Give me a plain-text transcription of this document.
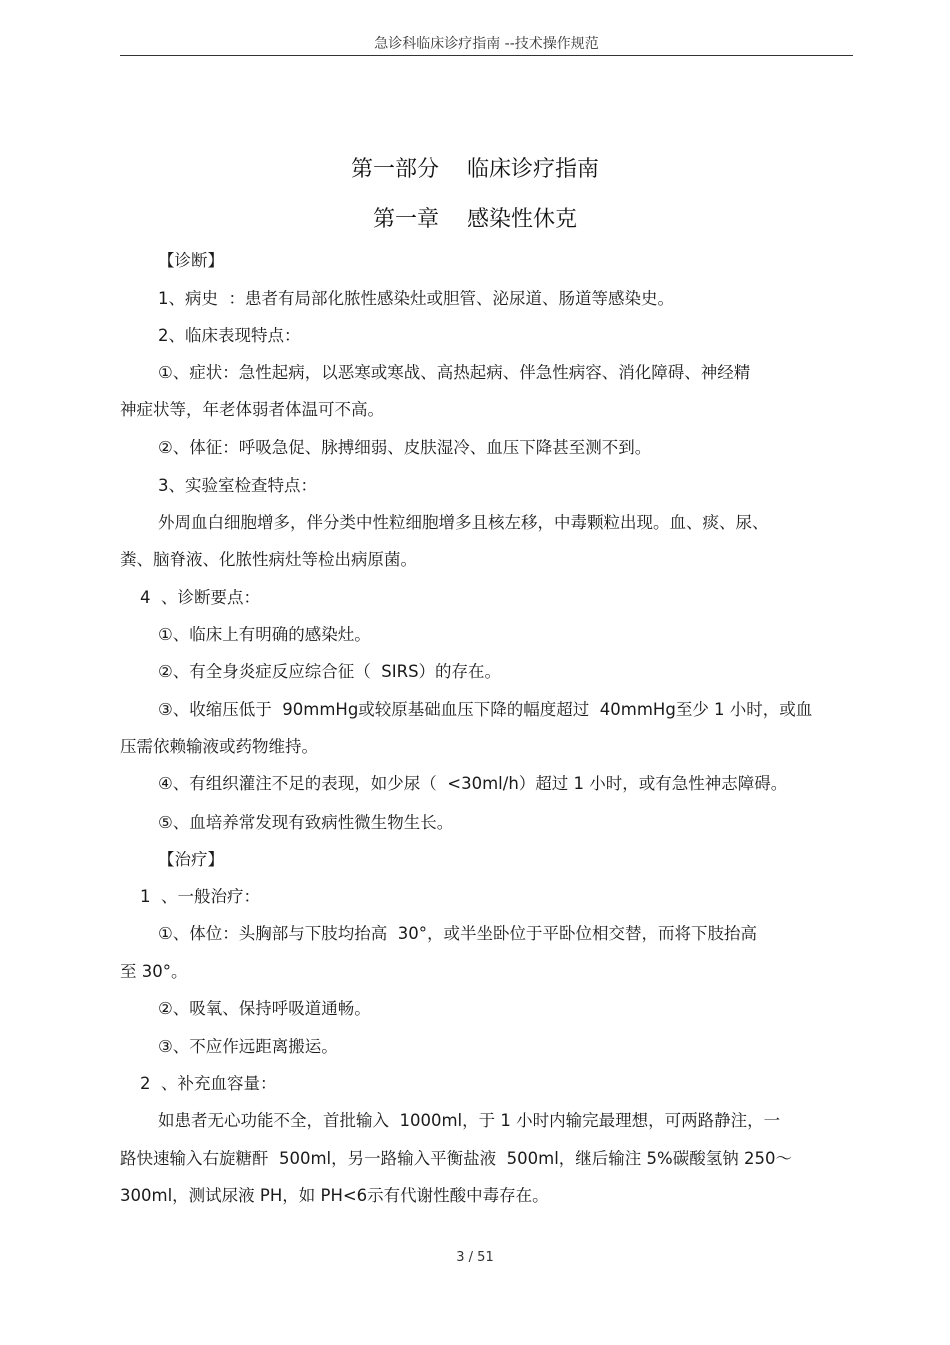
急诊科临床诊疗指南 --技术操作规范
第一部分    临床诊疗指南
第一章    感染性休克
【诊断】
1、病史  ：患者有局部化脓性感染灶或胆管、泌尿道、肠道等感染史。
2、临床表现特点：
①、症状：急性起病，以恶寒或寒战、高热起病、伴急性病容、消化障碍、神经精
神症状等，年老体弱者体温可不高。
②、体征：呼吸急促、脉搏细弱、皮肤湿冷、血压下降甚至测不到。
3、实验室检查特点：
外周血白细胞增多，伴分类中性粒细胞增多且核左移，中毒颗粒出现。血、痰、尿、
粪、脑脊液、化脓性病灶等检出病原菌。
4  、诊断要点：
①、临床上有明确的感染灶。
②、有全身炎症反应综合征（  SIRS）的存在。
③、收缩压低于  90mmHg或较原基础血压下降的幅度超过  40mmHg至少 1 小时，或血
压需依赖输液或药物维持。
④、有组织灌注不足的表现，如少尿（  <30ml/h）超过 1 小时，或有急性神志障碍。
⑤、血培养常发现有致病性微生物生长。
【治疗】
1  、一般治疗：
①、体位：头胸部与下肢均抬高  30°，或半坐卧位于平卧位相交替，而将下肢抬高
至 30°。
②、吸氧、保持呼吸道通畅。
③、不应作远距离搬运。
2  、补充血容量：
如患者无心功能不全，首批输入  1000ml，于 1 小时内输完最理想，可两路静注，一
路快速输入右旋糖酐  500ml，另一路输入平衡盐液  500ml，继后输注 5%碳酸氢钠 250～
300ml，测试尿液 PH，如 PH<6示有代谢性酸中毒存在。
3 / 51
